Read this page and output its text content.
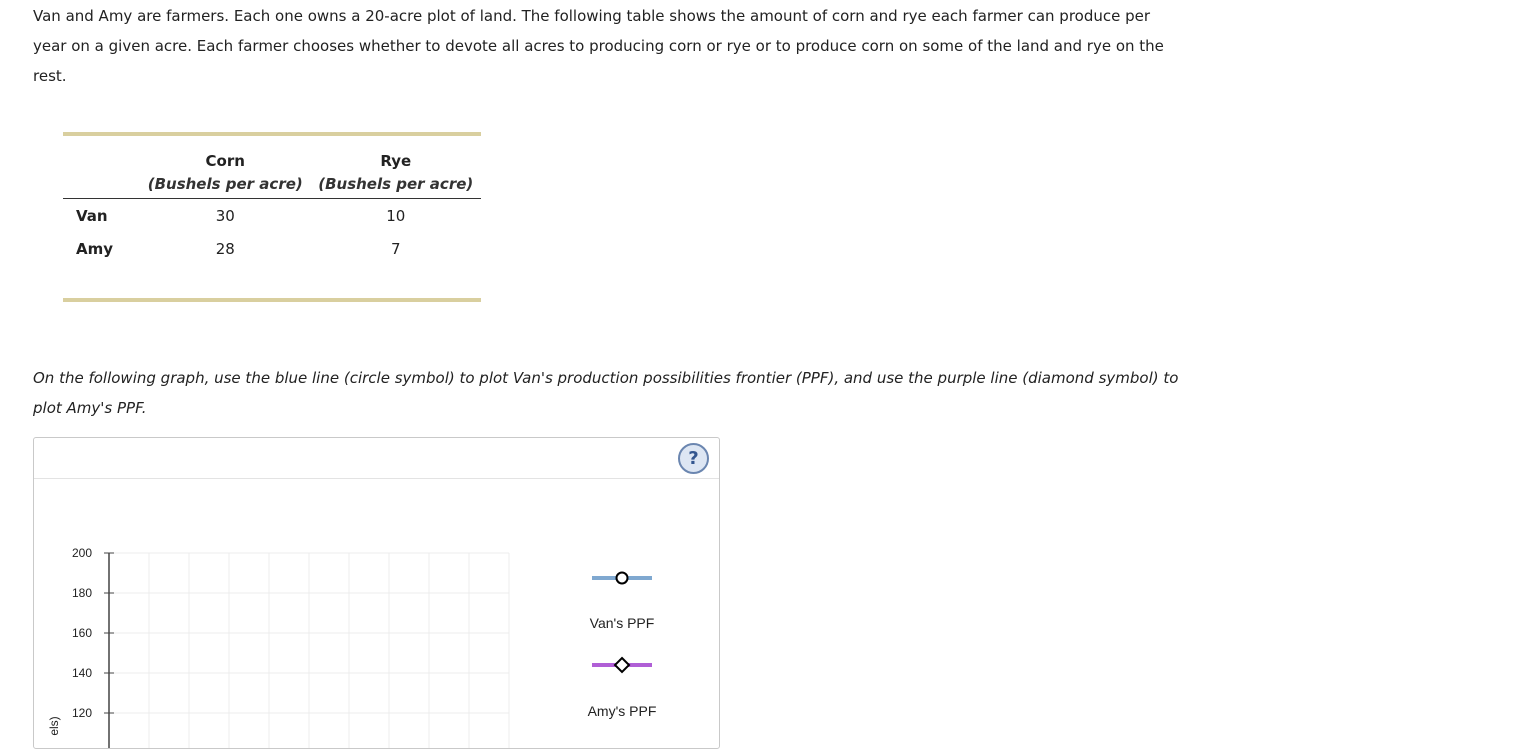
Van and Amy are farmers. Each one owns a 20-acre plot of land. The following table shows the amount of corn and rye each farmer can produce per year on a given acre. Each farmer chooses whether to devote all acres to producing corn or rye or to produce corn on some of the land and rye on the rest.

	Corn	Rye
	(Bushels per acre)	(Bushels per acre)
Van	30	10
Amy	28	7

On the following graph, use the blue line (circle symbol) to plot Van's production possibilities frontier (PPF), and use the purple line (diamond symbol) to plot Amy's PPF.

?
200
180
160
140
120
els)
Van's PPF
Amy's PPF
